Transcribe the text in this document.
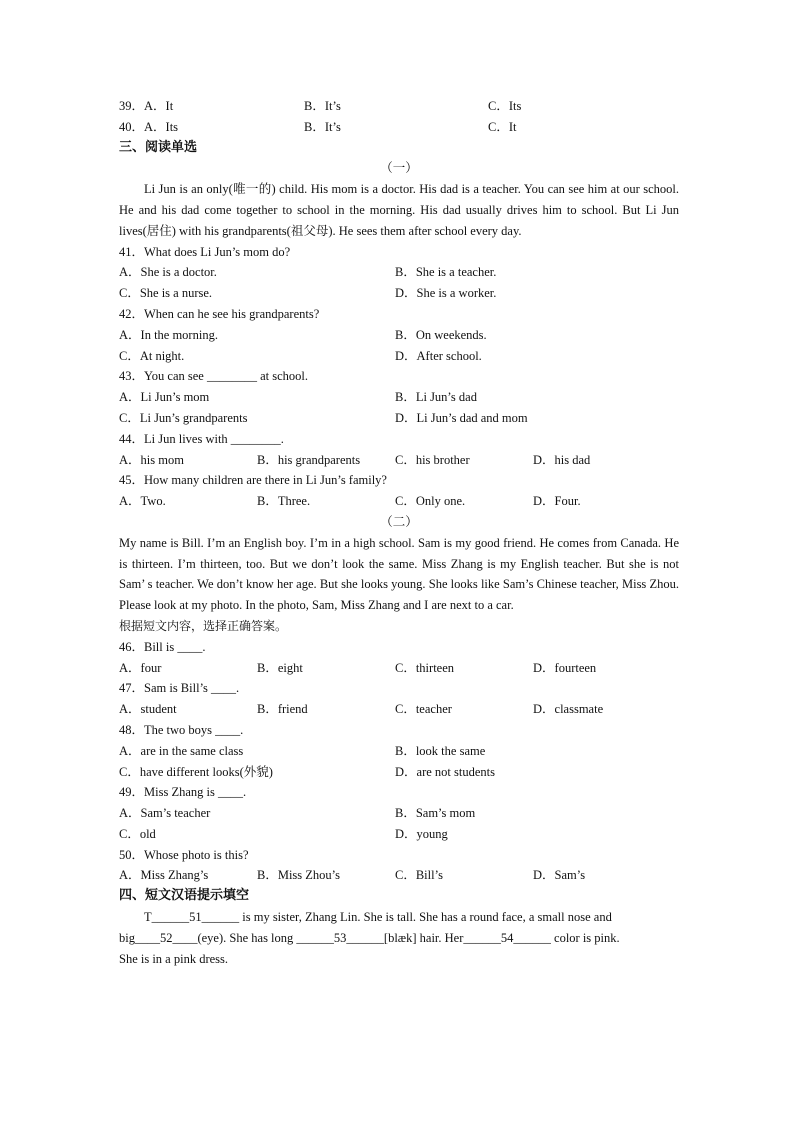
39．A．It	B．It’s	C．Its
40．A．Its	B．It’s	C．It
三、阅读单选
（一）
Li Jun is an only(唯一的) child. His mom is a doctor. His dad is a teacher. You can see him at our school. He and his dad come together to school in the morning. His dad usually drives him to school. But Li Jun lives(居住) with his grandparents(祖父母). He sees them after school every day.
41．What does Li Jun’s mom do?
A．She is a doctor.	B．She is a teacher.
C．She is a nurse.	D．She is a worker.
42．When can he see his grandparents?
A．In the morning.	B．On weekends.
C．At night.	D．After school.
43．You can see ________ at school.
A．Li Jun’s mom	B．Li Jun’s dad
C．Li Jun’s grandparents	D．Li Jun’s dad and mom
44．Li Jun lives with ________.
A．his mom	B．his grandparents	C．his brother	D．his dad
45．How many children are there in Li Jun’s family?
A．Two.	B．Three.	C．Only one.	D．Four.
（二）
My name is Bill. I’m an English boy. I’m in a high school. Sam is my good friend. He comes from Canada. He is thirteen. I’m thirteen, too. But we don’t look the same. Miss Zhang is my English teacher. But she is not Sam’ s teacher. We don’t know her age. But she looks young. She looks like Sam’s Chinese teacher, Miss Zhou. Please look at my photo. In the photo, Sam, Miss Zhang and I are next to a car.
根据短文内容，选择正确答案。
46．Bill is ____.
A．four	B．eight	C．thirteen	D．fourteen
47．Sam is Bill’s ____.
A．student	B．friend	C．teacher	D．classmate
48．The two boys ____.
A．are in the same class	B．look the same
C．have different looks(外貌)	D．are not students
49．Miss Zhang is ____.
A．Sam’s teacher	B．Sam’s mom
C．old	D．young
50．Whose photo is this?
A．Miss Zhang’s	B．Miss Zhou’s	C．Bill’s	D．Sam’s
四、短文汉语提示填空
T______51______ is my sister, Zhang Lin. She is tall. She has a round face, a small nose and
big____52____(eye). She has long ______53______[blæk] hair. Her______54______ color is pink.
She is in a pink dress.
